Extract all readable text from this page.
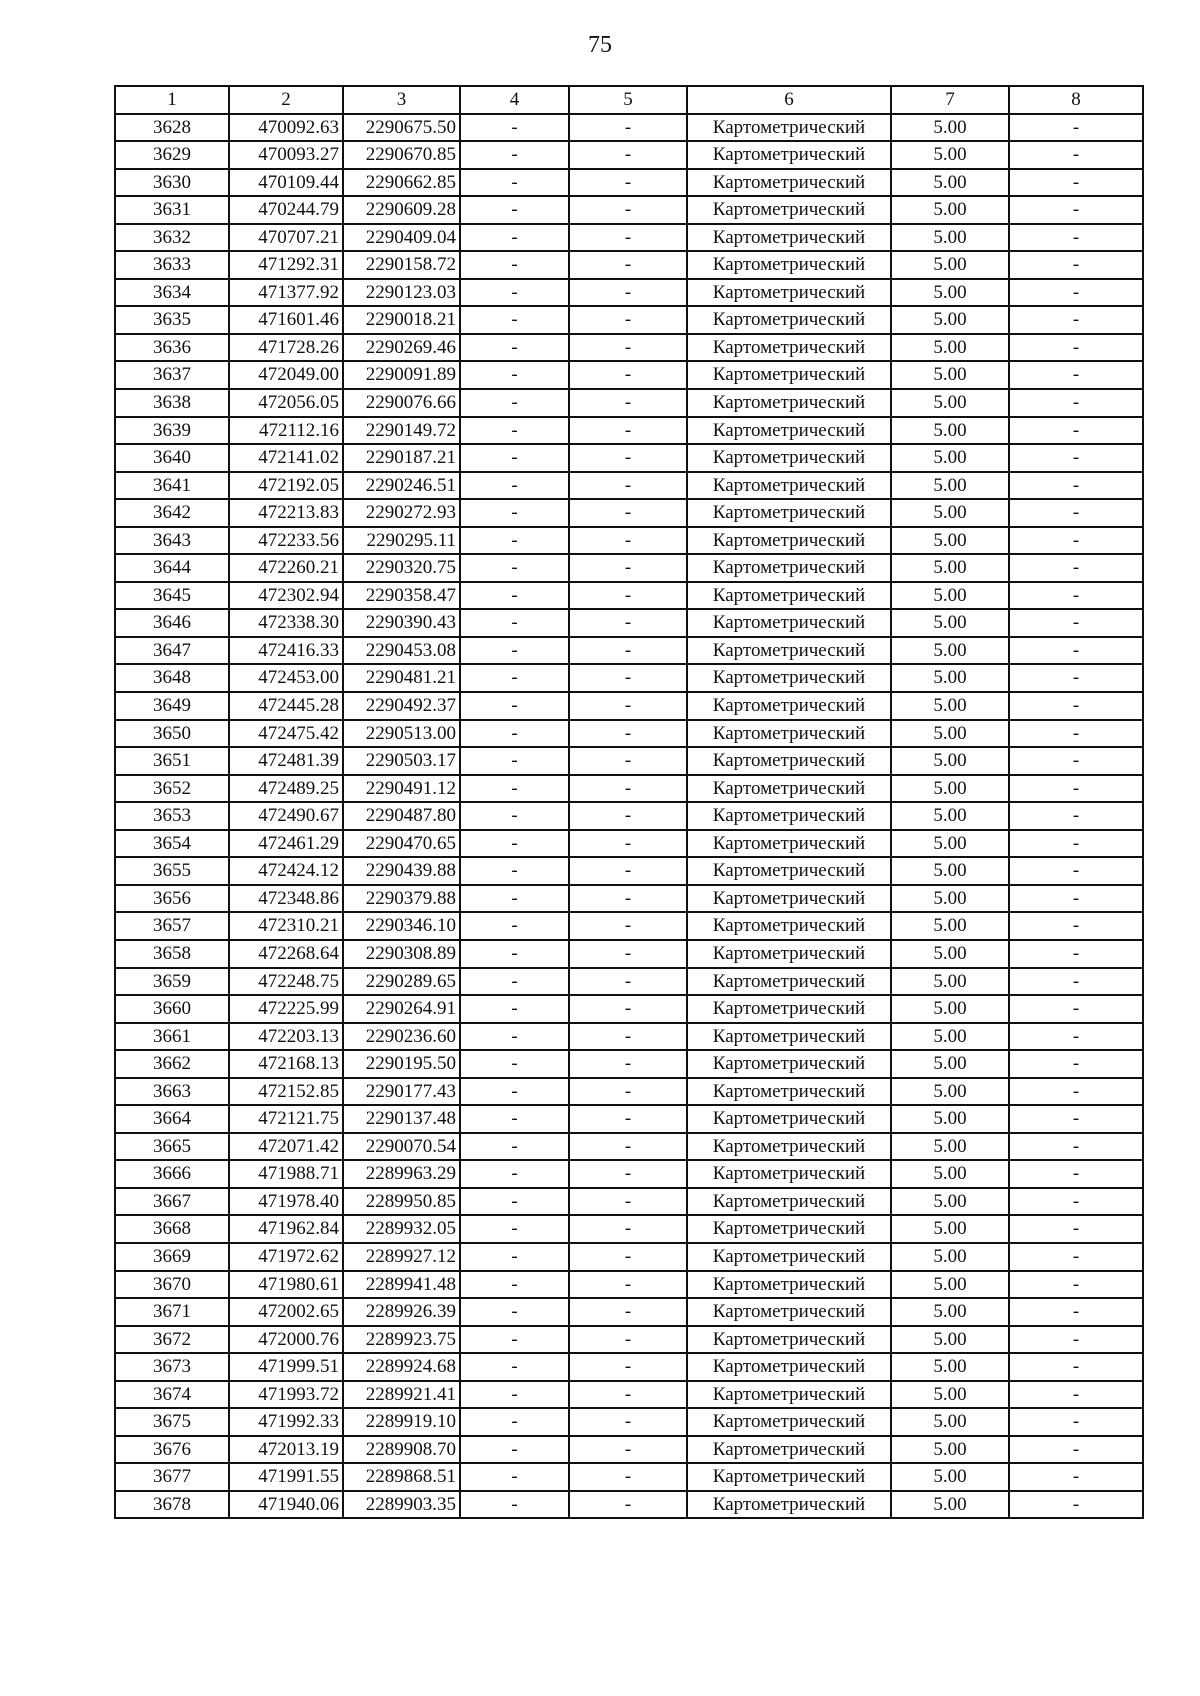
75
1	2	3	4	5	6	7	8
3628	470092.63	2290675.50	-	-	Картометрический	5.00	-
3629	470093.27	2290670.85	-	-	Картометрический	5.00	-
3630	470109.44	2290662.85	-	-	Картометрический	5.00	-
3631	470244.79	2290609.28	-	-	Картометрический	5.00	-
3632	470707.21	2290409.04	-	-	Картометрический	5.00	-
3633	471292.31	2290158.72	-	-	Картометрический	5.00	-
3634	471377.92	2290123.03	-	-	Картометрический	5.00	-
3635	471601.46	2290018.21	-	-	Картометрический	5.00	-
3636	471728.26	2290269.46	-	-	Картометрический	5.00	-
3637	472049.00	2290091.89	-	-	Картометрический	5.00	-
3638	472056.05	2290076.66	-	-	Картометрический	5.00	-
3639	472112.16	2290149.72	-	-	Картометрический	5.00	-
3640	472141.02	2290187.21	-	-	Картометрический	5.00	-
3641	472192.05	2290246.51	-	-	Картометрический	5.00	-
3642	472213.83	2290272.93	-	-	Картометрический	5.00	-
3643	472233.56	2290295.11	-	-	Картометрический	5.00	-
3644	472260.21	2290320.75	-	-	Картометрический	5.00	-
3645	472302.94	2290358.47	-	-	Картометрический	5.00	-
3646	472338.30	2290390.43	-	-	Картометрический	5.00	-
3647	472416.33	2290453.08	-	-	Картометрический	5.00	-
3648	472453.00	2290481.21	-	-	Картометрический	5.00	-
3649	472445.28	2290492.37	-	-	Картометрический	5.00	-
3650	472475.42	2290513.00	-	-	Картометрический	5.00	-
3651	472481.39	2290503.17	-	-	Картометрический	5.00	-
3652	472489.25	2290491.12	-	-	Картометрический	5.00	-
3653	472490.67	2290487.80	-	-	Картометрический	5.00	-
3654	472461.29	2290470.65	-	-	Картометрический	5.00	-
3655	472424.12	2290439.88	-	-	Картометрический	5.00	-
3656	472348.86	2290379.88	-	-	Картометрический	5.00	-
3657	472310.21	2290346.10	-	-	Картометрический	5.00	-
3658	472268.64	2290308.89	-	-	Картометрический	5.00	-
3659	472248.75	2290289.65	-	-	Картометрический	5.00	-
3660	472225.99	2290264.91	-	-	Картометрический	5.00	-
3661	472203.13	2290236.60	-	-	Картометрический	5.00	-
3662	472168.13	2290195.50	-	-	Картометрический	5.00	-
3663	472152.85	2290177.43	-	-	Картометрический	5.00	-
3664	472121.75	2290137.48	-	-	Картометрический	5.00	-
3665	472071.42	2290070.54	-	-	Картометрический	5.00	-
3666	471988.71	2289963.29	-	-	Картометрический	5.00	-
3667	471978.40	2289950.85	-	-	Картометрический	5.00	-
3668	471962.84	2289932.05	-	-	Картометрический	5.00	-
3669	471972.62	2289927.12	-	-	Картометрический	5.00	-
3670	471980.61	2289941.48	-	-	Картометрический	5.00	-
3671	472002.65	2289926.39	-	-	Картометрический	5.00	-
3672	472000.76	2289923.75	-	-	Картометрический	5.00	-
3673	471999.51	2289924.68	-	-	Картометрический	5.00	-
3674	471993.72	2289921.41	-	-	Картометрический	5.00	-
3675	471992.33	2289919.10	-	-	Картометрический	5.00	-
3676	472013.19	2289908.70	-	-	Картометрический	5.00	-
3677	471991.55	2289868.51	-	-	Картометрический	5.00	-
3678	471940.06	2289903.35	-	-	Картометрический	5.00	-
